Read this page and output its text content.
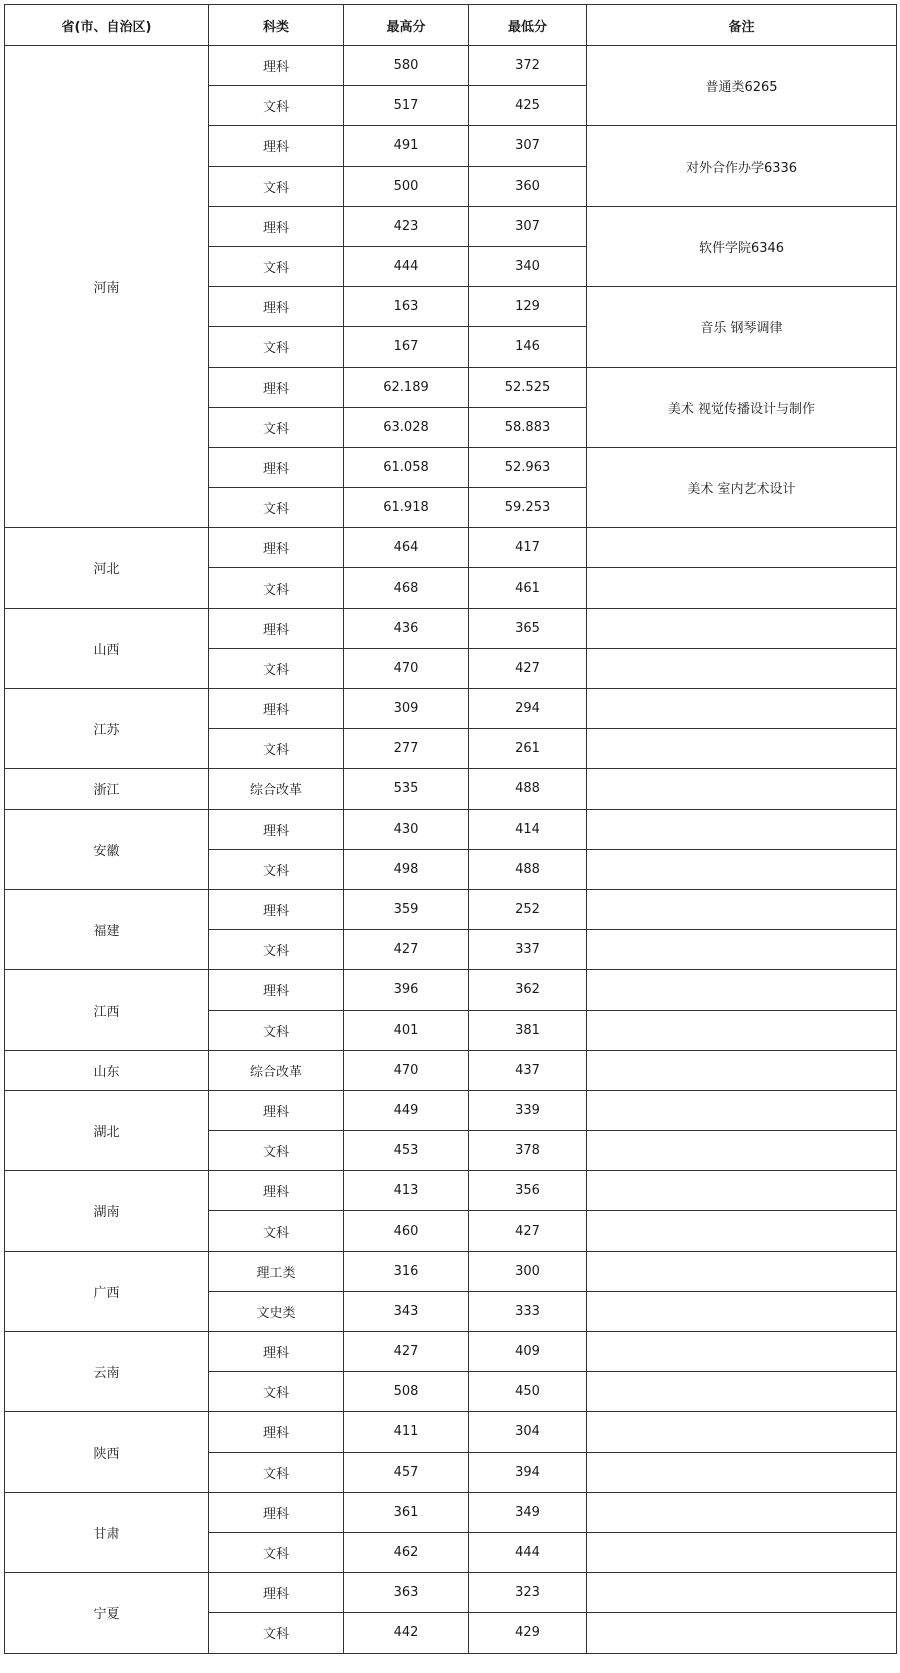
省(市、自治区)	科类	最高分	最低分	备注
河南	理科	580	372	普通类6265
	文科	517	425	
	理科	491	307	对外合作办学6336
	文科	500	360	
	理科	423	307	软件学院6346
	文科	444	340	
	理科	163	129	音乐 钢琴调律
	文科	167	146	
	理科	62.189	52.525	美术 视觉传播设计与制作
	文科	63.028	58.883	
	理科	61.058	52.963	美术 室内艺术设计
	文科	61.918	59.253	
河北	理科	464	417	
	文科	468	461	
山西	理科	436	365	
	文科	470	427	
江苏	理科	309	294	
	文科	277	261	
浙江	综合改革	535	488	
安徽	理科	430	414	
	文科	498	488	
福建	理科	359	252	
	文科	427	337	
江西	理科	396	362	
	文科	401	381	
山东	综合改革	470	437	
湖北	理科	449	339	
	文科	453	378	
湖南	理科	413	356	
	文科	460	427	
广西	理工类	316	300	
	文史类	343	333	
云南	理科	427	409	
	文科	508	450	
陕西	理科	411	304	
	文科	457	394	
甘肃	理科	361	349	
	文科	462	444	
宁夏	理科	363	323	
	文科	442	429	
